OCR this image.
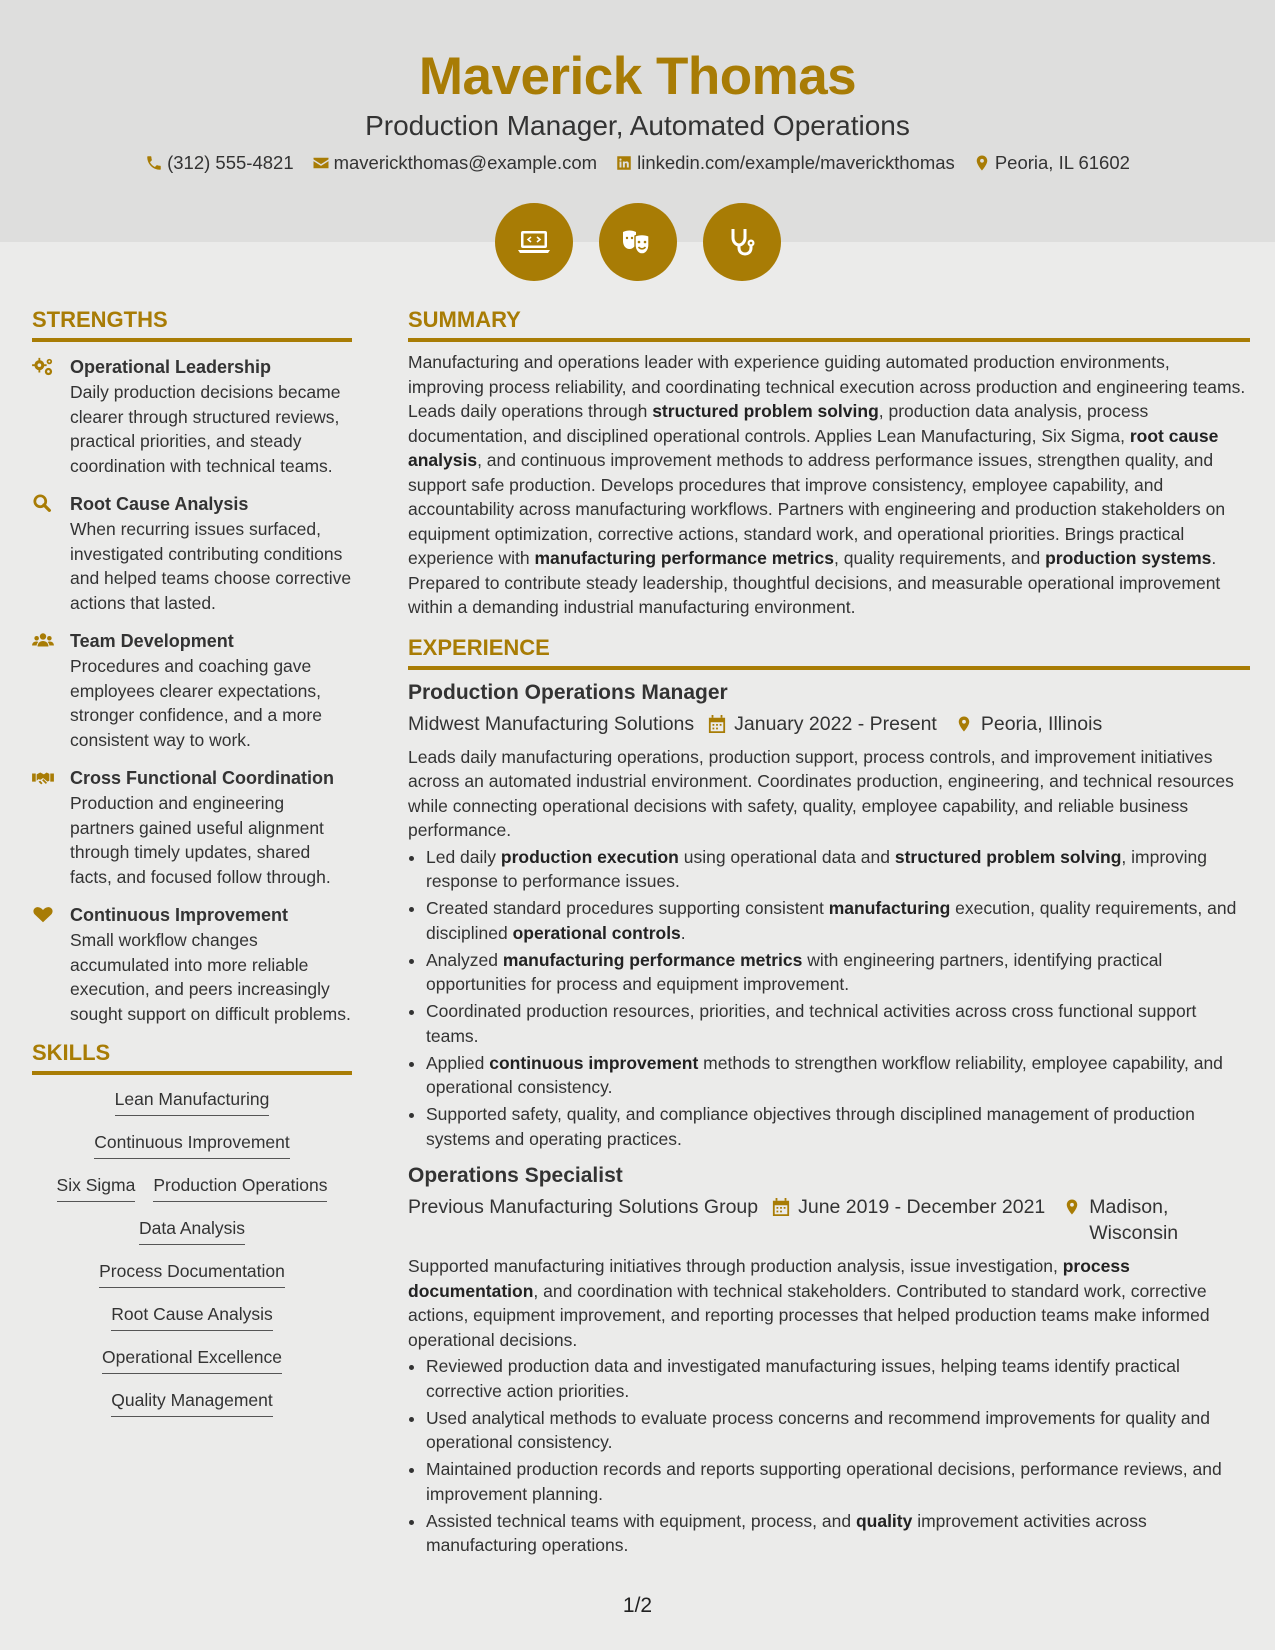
Maverick Thomas
Production Manager, Automated Operations
(312) 555-4821 maverickthomas@example.com linkedin.com/example/maverickthomas Peoria, IL 61602
STRENGTHS
Operational Leadership

Daily production decisions became clearer through structured reviews, practical priorities, and steady coordination with technical teams.

Root Cause Analysis

When recurring issues surfaced, investigated contributing conditions and helped teams choose corrective actions that lasted.

Team Development

Procedures and coaching gave employees clearer expectations, stronger confidence, and a more consistent way to work.

Cross Functional Coordination

Production and engineering partners gained useful alignment through timely updates, shared facts, and focused follow through.

Continuous Improvement

Small workflow changes accumulated into more reliable execution, and peers increasingly sought support on difficult problems.

SKILLS
Lean Manufacturing
Continuous Improvement
Six Sigma Production Operations
Data Analysis
Process Documentation
Root Cause Analysis
Operational Excellence
Quality Management
SUMMARY
Manufacturing and operations leader with experience guiding automated production environments, improving process reliability, and coordinating technical execution across production and engineering teams. Leads daily operations through structured problem solving, production data analysis, process documentation, and disciplined operational controls. Applies Lean Manufacturing, Six Sigma, root cause analysis, and continuous improvement methods to address performance issues, strengthen quality, and support safe production. Develops procedures that improve consistency, employee capability, and accountability across manufacturing workflows. Partners with engineering and production stakeholders on equipment optimization, corrective actions, standard work, and operational priorities. Brings practical experience with manufacturing performance metrics, quality requirements, and production systems. Prepared to contribute steady leadership, thoughtful decisions, and measurable operational improvement within a demanding industrial manufacturing environment.
EXPERIENCE
Production Operations Manager
Midwest Manufacturing Solutions January 2022 - Present Peoria, Illinois
Leads daily manufacturing operations, production support, process controls, and improvement initiatives across an automated industrial environment. Coordinates production, engineering, and technical resources while connecting operational decisions with safety, quality, employee capability, and reliable business performance.
• Led daily production execution using operational data and structured problem solving, improving response to performance issues.
• Created standard procedures supporting consistent manufacturing execution, quality requirements, and disciplined operational controls.
• Analyzed manufacturing performance metrics with engineering partners, identifying practical opportunities for process and equipment improvement.
• Coordinated production resources, priorities, and technical activities across cross functional support teams.
• Applied continuous improvement methods to strengthen workflow reliability, employee capability, and operational consistency.
• Supported safety, quality, and compliance objectives through disciplined management of production systems and operating practices.
Operations Specialist
Previous Manufacturing Solutions Group June 2019 - December 2021 Madison, Wisconsin
Supported manufacturing initiatives through production analysis, issue investigation, process documentation, and coordination with technical stakeholders. Contributed to standard work, corrective actions, equipment improvement, and reporting processes that helped production teams make informed operational decisions.
• Reviewed production data and investigated manufacturing issues, helping teams identify practical corrective action priorities.
• Used analytical methods to evaluate process concerns and recommend improvements for quality and operational consistency.
• Maintained production records and reports supporting operational decisions, performance reviews, and improvement planning.
• Assisted technical teams with equipment, process, and quality improvement activities across manufacturing operations.
1/2
